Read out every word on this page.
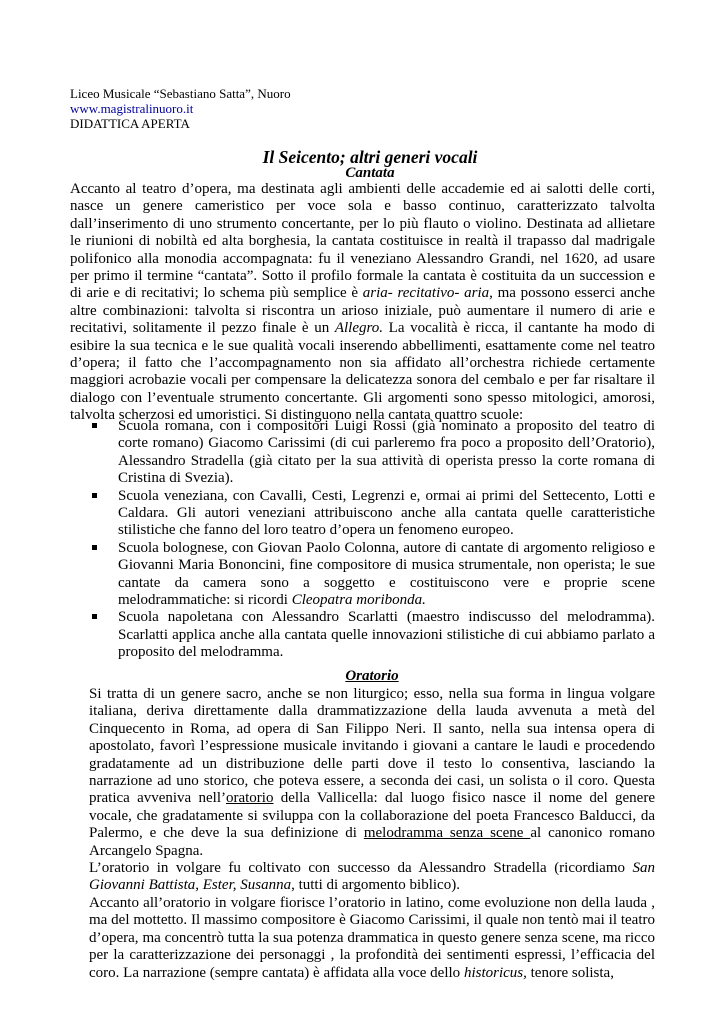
Liceo Musicale “Sebastiano Satta”, Nuoro
www.magistralinuoro.it
DIDATTICA APERTA
Il Seicento; altri generi vocali
Cantata

Accanto al teatro d’opera, ma destinata agli ambienti delle accademie ed ai salotti delle corti, nasce un genere cameristico per voce sola e basso continuo, caratterizzato talvolta dall’inserimento di uno strumento concertante, per lo più flauto o violino. Destinata ad allietare le riunioni di nobiltà ed alta borghesia, la cantata costituisce in realtà il trapasso dal madrigale polifonico alla monodia accompagnata: fu il veneziano Alessandro Grandi, nel 1620, ad usare per primo il termine “cantata”. Sotto il profilo formale la cantata è costituita da un succession e di arie e di recitativi; lo schema più semplice è aria- recitativo- aria, ma possono esserci anche altre combinazioni: talvolta si riscontra un arioso iniziale, può aumentare il numero di arie e recitativi, solitamente il pezzo finale è un Allegro. La vocalità è ricca, il cantante ha modo di esibire la sua tecnica e le sue qualità vocali inserendo abbellimenti, esattamente come nel teatro d’opera; il fatto che l’accompagnamento non sia affidato all’orchestra richiede certamente maggiori acrobazie vocali per compensare la delicatezza sonora del cembalo e per far risaltare il dialogo con l’eventuale strumento concertante. Gli argomenti sono spesso mitologici, amorosi, talvolta scherzosi ed umoristici. Si distinguono nella cantata quattro scuole:

Scuola romana, con i compositori Luigi Rossi (già nominato a proposito del teatro di corte romano) Giacomo Carissimi (di cui parleremo fra poco a proposito dell’Oratorio), Alessandro Stradella (già citato per la sua attività di operista presso la corte romana di Cristina di Svezia).
Scuola veneziana, con Cavalli, Cesti, Legrenzi e, ormai ai primi del Settecento, Lotti e Caldara. Gli autori veneziani attribuiscono anche alla cantata quelle caratteristiche stilistiche che fanno del loro teatro d’opera un fenomeno europeo.
Scuola bolognese, con Giovan Paolo Colonna, autore di cantate di argomento religioso e Giovanni Maria Bononcini, fine compositore di musica strumentale, non operista; le sue cantate da camera sono a soggetto e costituiscono vere e proprie scene melodrammatiche: si ricordi Cleopatra moribonda.
Scuola napoletana con Alessandro Scarlatti (maestro indiscusso del melodramma). Scarlatti applica anche alla cantata quelle innovazioni stilistiche di cui abbiamo parlato a proposito del melodramma.
Oratorio
Si tratta di un genere sacro, anche se non liturgico; esso, nella sua forma in lingua volgare italiana, deriva direttamente dalla drammatizzazione della lauda avvenuta a metà del Cinquecento in Roma, ad opera di San Filippo Neri. Il santo, nella sua intensa opera di apostolato, favorì l’espressione musicale invitando i giovani a cantare le laudi e procedendo gradatamente ad un distribuzione delle parti dove il testo lo consentiva, lasciando la narrazione ad uno storico, che poteva essere, a seconda dei casi, un solista o il coro. Questa pratica avveniva nell’oratorio della Vallicella: dal luogo fisico nasce il nome del genere vocale, che gradatamente si sviluppa con la collaborazione del poeta Francesco Balducci, da Palermo, e che deve la sua definizione di melodramma senza scene al canonico romano Arcangelo Spagna.
L’oratorio in volgare fu coltivato con successo da Alessandro Stradella (ricordiamo San Giovanni Battista, Ester, Susanna, tutti di argomento biblico).
Accanto all’oratorio in volgare fiorisce l’oratorio in latino, come evoluzione non della lauda , ma del mottetto. Il massimo compositore è Giacomo Carissimi, il quale non tentò mai il teatro d’opera, ma concentrò tutta la sua potenza drammatica in questo genere senza scene, ma ricco per la caratterizzazione dei personaggi , la profondità dei sentimenti espressi, l’efficacia del coro. La narrazione (sempre cantata) è affidata alla voce dello historicus, tenore solista,
